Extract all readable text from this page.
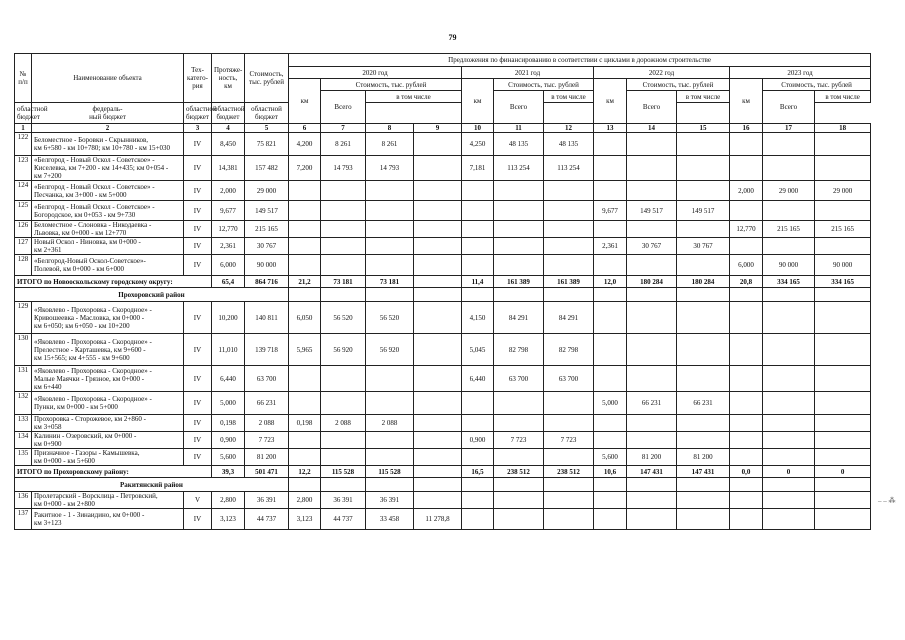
79
№
п/п	Наименование объекта	Тех-
катего-
рия	Протяже-
ность, км	Стоимость,
тыс. рублей	Предложения по финансированию в соответствии с циклами в дорожном строительстве												
					2020 год				2021 год			2022 год			2023 год		
					км	Стоимость, тыс. рублей			км	Стоимость, тыс. рублей		км	Стоимость, тыс. рублей		км	Стоимость, тыс. рублей	
						Всего	в том числе			Всего	в том числе		Всего	в том числе		Всего	в том числе
областной
бюджет	федераль-
ный бюджет	областной
бюджет	областной
бюджет	областной
бюджет													
1	2	3	4	5	6	7	8	9	10	11	12	13	14	15	16	17	18
122	Беломестное - Боровки - Скрынников,
км 6+580 - км 10+780; км 10+780 - км 15+030	IV	8,450	75 821	4,200	8 261	8 261		4,250	48 135	48 135						
123	«Белгород - Новый Оскол - Советское» -
Киселевка, км 7+200 - км 14+435; км 0+054 -
км 7+200	IV	14,381	157 482	7,200	14 793	14 793		7,181	113 254	113 254						
124	«Белгород - Новый Оскол - Советское» -
Песчанка, км 3+000 - км 5+000	IV	2,000	29 000											2,000	29 000	29 000
125	«Белгород - Новый Оскол - Советское» -
Богородское, км 0+053 - км 9+730	IV	9,677	149 517								9,677	149 517	149 517			
126	Беломестное - Слоновка - Никодаевка -
Львовка, км 0+000 - км 12+770	IV	12,770	215 165											12,770	215 165	215 165
127	Новый Оскол - Ниновка, км 0+000 -
км 2+361	IV	2,361	30 767								2,361	30 767	30 767			
128	«Белгород-Новый Оскол-Советское»-
Полевой, км 0+000 - км 6+000	IV	6,000	90 000											6,000	90 000	90 000
ИТОГО по Новооскольскому городскому округу:			65,4	864 716	21,2	73 181	73 181		11,4	161 389	161 389	12,0	180 284	180 284	20,8	334 165	334 165
Прохоровский район																	
129	«Яковлево - Прохоровка - Скородное» -
Кривошеевка - Масловка, км 0+000 -
км 6+050; км 6+050 - км 10+200	IV	10,200	140 811	6,050	56 520	56 520		4,150	84 291	84 291						
130	«Яковлево - Прохоровка - Скородное» -
Прелестное - Карташевка, км 9+600 -
км 15+565; км 4+555 - км 9+600	IV	11,010	139 718	5,965	56 920	56 920		5,045	82 798	82 798						
131	«Яковлево - Прохоровка - Скородное» -
Малые Маячки - Грязное, км 0+000 -
км 6+440	IV	6,440	63 700					6,440	63 700	63 700						
132	«Яковлево - Прохоровка - Скородное» -
Пунки, км 0+000 - км 5+000	IV	5,000	66 231								5,000	66 231	66 231			
133	Прохоровка - Сторожевое, км 2+860 -
км 3+058	IV	0,198	2 088	0,198	2 088	2 088										
134	Калинин - Озеровский, км 0+000 -
км 0+900	IV	0,900	7 723					0,900	7 723	7 723						
135	Призначное - Газоры - Камышевка,
км 0+000 - км 5+600	IV	5,600	81 200								5,600	81 200	81 200			
ИТОГО по Прохоровскому району:			39,3	501 471	12,2	115 528	115 528		16,5	238 512	238 512	10,6	147 431	147 431	0,0	0	0
Ракитянский район																	
136	Пролетарский - Ворсклица - Петровский,
км 0+000 - км 2+800	V	2,800	36 391	2,800	36 391	36 391										
137	Ракитное - 1 - Зинаидино, км 0+000 -
км 3+123	IV	3,123	44 737	3,123	44 737	33 458	11 278,8									
‒ ‒ ⁂
